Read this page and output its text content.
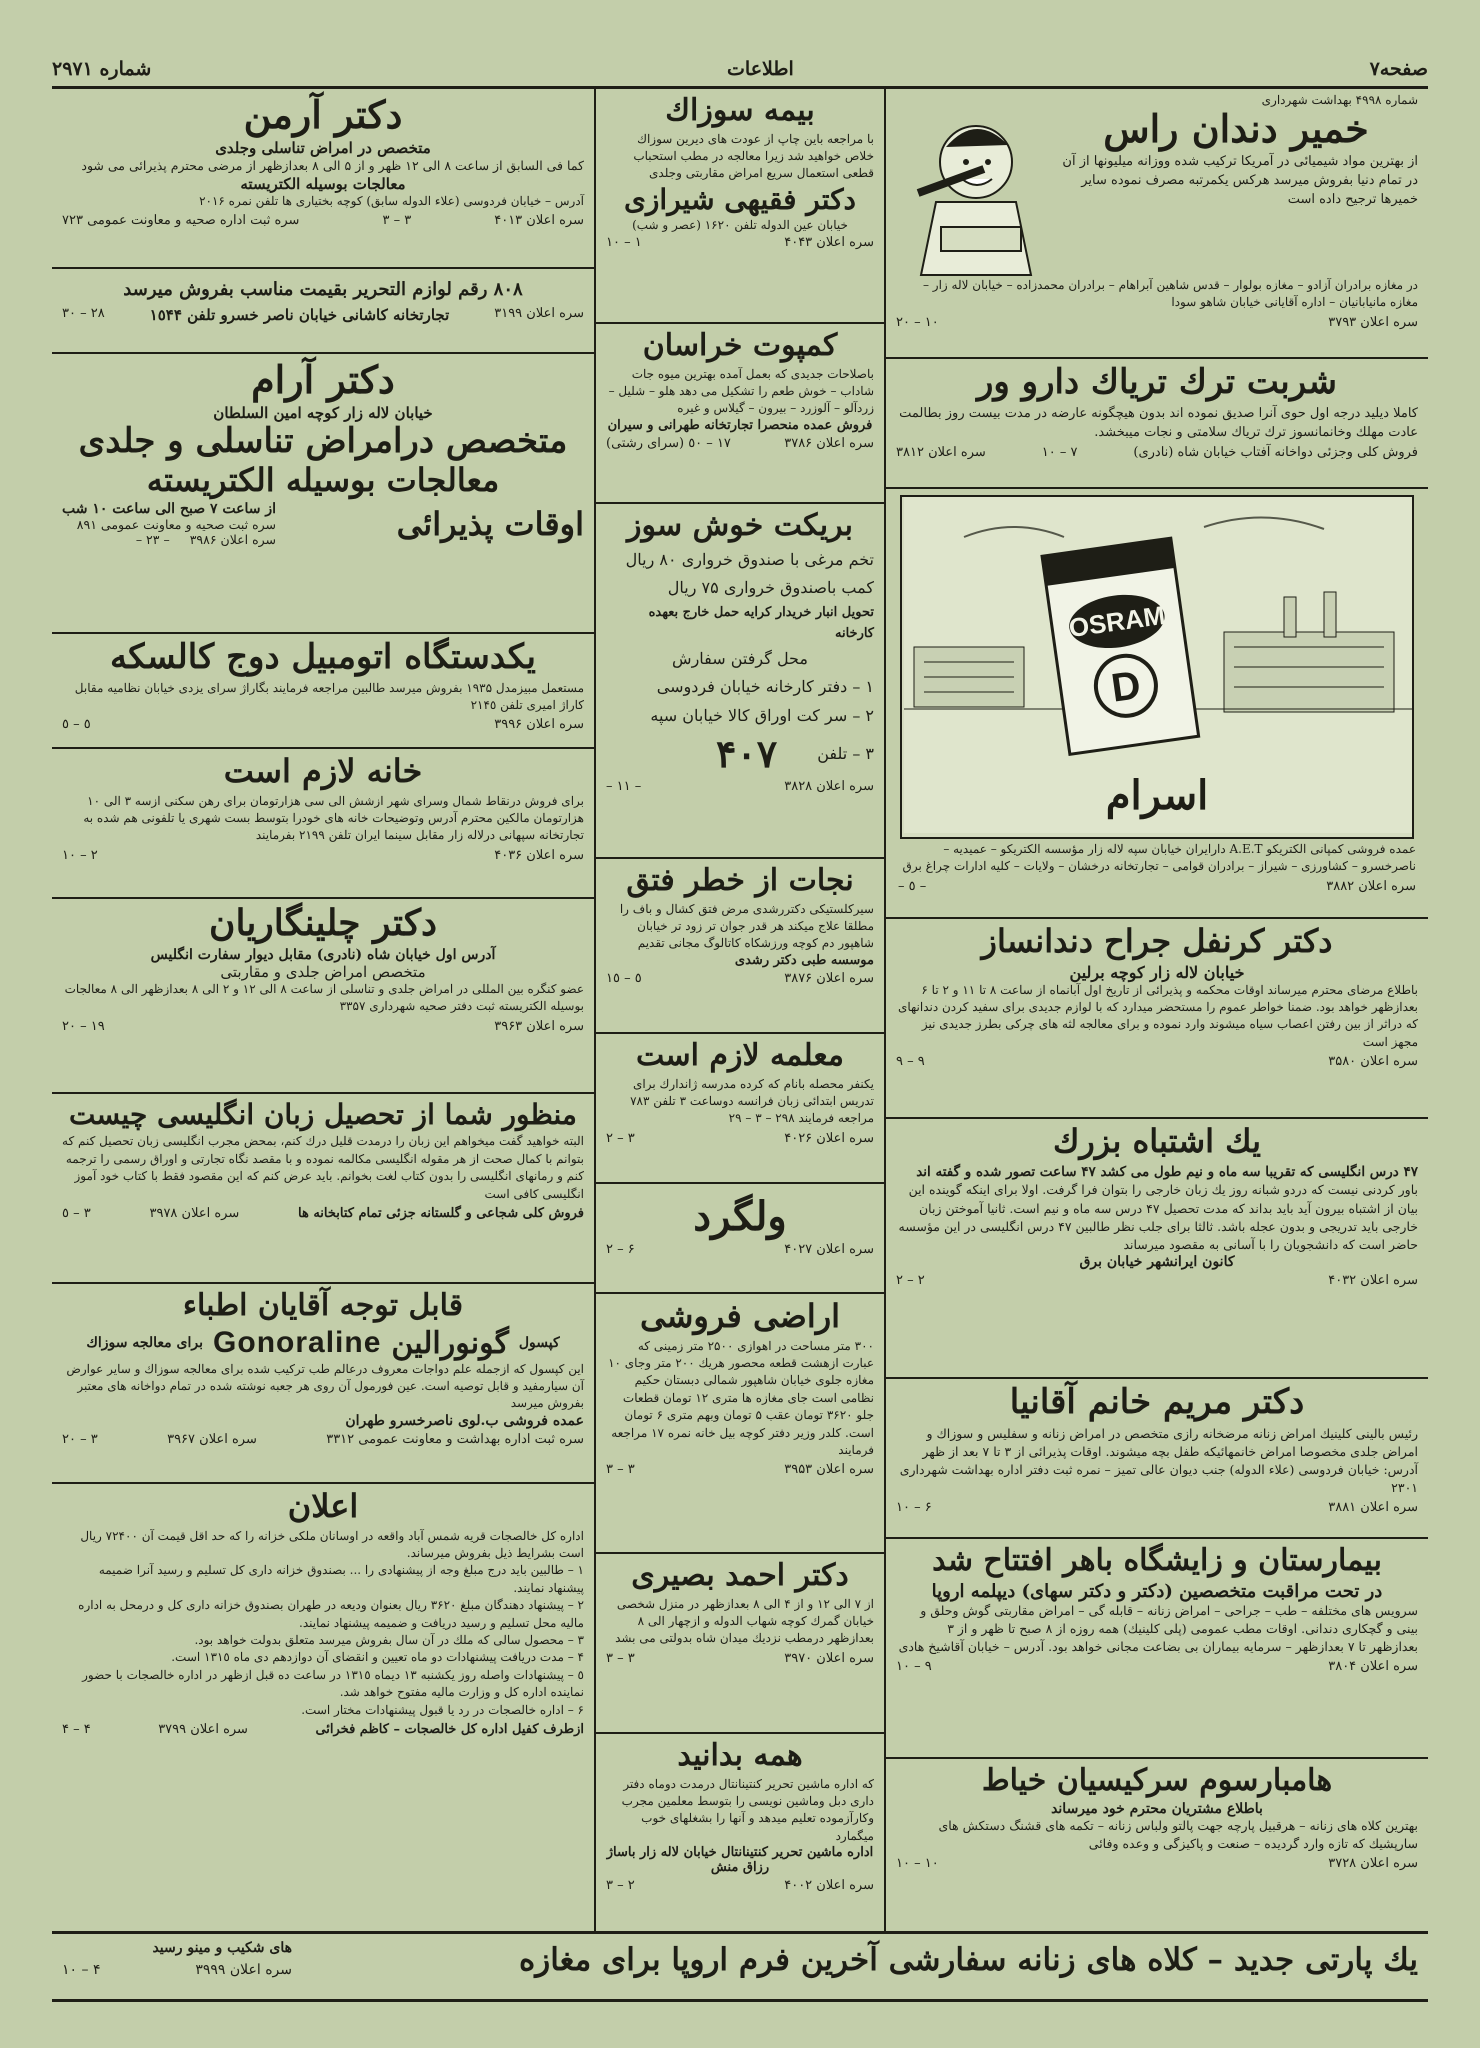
صفحه۷
اطلاعات
شماره ۲۹۷۱
شماره ۴۹۹۸ بهداشت شهرداری
خمیر دندان راس

از بهترین مواد شیمیائی در آمریکا ترکیب شده ووزانه میلیونها از آن در تمام دنیا بفروش میرسد هرکس یکمرتبه مصرف نموده سایر خمیرها ترجیح داده است

در مغازه برادران آزادو – مغازه بولوار – قدس شاهین آبراهام – برادران محمدزاده – خیابان لاله زار – مغازه مانیابانیان – اداره آقایانی خیابان شاهو سودا

سره اعلان ۳۷۹۳
۱۰ – ۲۰
شربت ترك تریاك دارو ور

کاملا دیلید درجه اول حوی آنرا صدیق نموده اند بدون هیچگونه عارضه در مدت بیست روز بطالمت عادت مهلك وخانمانسوز ترك تریاك سلامتی و نجات میبخشد.

فروش کلی وجزئی دواخانه آفتاب خیابان شاه (نادری)
۷ – ۱۰
سره اعلان ۳۸۱۲
OSRAM
D
اسرام

عمده فروشی کمپانی الکتریکو A.E.T دارایران خیابان سپه لاله زار مؤسسه الکتریکو – عمیدیه – ناصرخسرو – کشاورزی – شیراز – برادران قوامی – تجارتخانه درخشان – ولایات – کلیه ادارات چراغ برق

سره اعلان ۳۸۸۲
– ٥ –
دکتر کرنفل جراح دندانساز
خیابان لاله زار کوچه برلین

باطلاع مرضای محترم میرساند اوقات محکمه و پذیرائی از تاریخ اول آبانماه از ساعت ۸ تا ۱۱ و ۲ تا ۶ بعدازظهر خواهد بود. ضمنا خواطر عموم را مستحضر میدارد که با لوازم جدیدی برای سفید کردن دندانهای که دراثر از بین رفتن اعصاب سیاه میشوند وارد نموده و برای معالجه لثه های چرکی بطرز جدیدی نیز مجهز است

سره اعلان ۳۵۸۰
۹ – ۹
یك اشتباه بزرك
۴۷ درس انگلیسی که تقریبا سه ماه و نیم طول می کشد ۴۷ ساعت تصور شده و گفته اند

باور کردنی نیست که دردو شبانه روز یك زبان خارجی را بتوان فرا گرفت. اولا برای اینکه گوینده این بیان از اشتباه بیرون آید باید بداند که مدت تحصیل ۴۷ درس سه ماه و نیم است. ثانیا آموختن زبان خارجی باید تدریجی و بدون عجله باشد. ثالثا برای جلب نظر طالبین ۴۷ درس انگلیسی در این مؤسسه حاضر است که دانشجویان را با آسانی به مقصود میرساند

کانون ایرانشهر خیابان برق
سره اعلان ۴۰۳۲
۲ – ۲
دکتر مریم خانم آقانیا

رئیس بالینی کلینیك امراض زنانه مرضخانه رازی متخصص در امراض زنانه و سفلیس و سوزاك و امراض جلدی مخصوصا امراض خانمهائیکه طفل بچه میشوند. اوقات پذیرائی از ۳ تا ۷ بعد از ظهر آدرس: خیابان فردوسی (علاء الدوله) جنب دیوان عالی تمیز – نمره ثبت دفتر اداره بهداشت شهرداری ۲۳۰۱

سره اعلان ۳۸۸۱
۶ – ۱۰
بیمارستان و زایشگاه باهر افتتاح شد
در تحت مراقبت متخصصین (دکتر و دکتر سهای) دیپلمه اروپا

سرویس های مختلفه – طب – جراحی – امراض زنانه – قابله گی – امراض مقاربتی گوش وحلق و بینی و گچکاری دندانی. اوقات مطب عمومی (پلی کلینیك) همه روزه از ۸ صبح تا ظهر و از ۳ بعدازظهر تا ۷ بعدازظهر – سرمایه بیماران بی بضاعت مجانی خواهد بود. آدرس – خیابان آقاشیخ هادی

سره اعلان ۳۸۰۴
۹ – ۱۰
هامبارسوم سرکیسیان خیاط
باطلاع مشتریان محترم خود میرساند

بهترین کلاه های زنانه – هرقبیل پارچه جهت پالتو ولباس زنانه – تکمه های قشنگ دستکش های سارپشیك که تازه وارد گردیده – صنعت و پاکیزگی و وعده وفائی

سره اعلان ۳۷۲۸
۱۰ – ۱۰
بیمه سوزاك

با مراجعه باین چاپ از عودت های دیرین سوزاك خلاص خواهید شد زیرا معالجه در مطب استحباب قطعی استعمال سریع امراض مقاربتی وجلدی

دکتر فقیهی شیرازی
خیابان عین الدوله تلفن ۱۶۲۰ (عصر و شب)
سره اعلان ۴۰۴۳
۱ – ۱۰
کمپوت خراسان

باصلاحات جدیدی که بعمل آمده بهترین میوه جات شاداب – خوش طعم را تشکیل می دهد هلو – شلیل – زردآلو – آلوزرد – بیرون – گیلاس و غیره

فروش عمده منحصرا تجارتخانه طهرانی و سیران
سره اعلان ۳۷۸۶
۱۷ – ٥٠ (سرای رشتی)
بریکت خوش سوز

تخم مرغی با صندوق خرواری ۸۰ ریال

کمب باصندوق خرواری ۷۵ ریال

تحویل انبار خریدار کرایه حمل خارج بعهده کارخانه

محل گرفتن سفارش

۱ – دفتر کارخانه خیابان فردوسی

۲ – سر کت اوراق کالا خیابان سپه

۳ – تلفن
۴۰۷
سره اعلان ۳۸۲۸
– ۱۱ –
نجات از خطر فتق

سیرکلستیکی دکتررشدی مرض فتق کشال و باف را مطلقا علاج میکند هر قدر جوان تر زود تر خیابان شاهپور دم کوچه ورزشکاه کاتالوگ مجانی تقدیم

موسسه طبی دکتر رشدی
سره اعلان ۳۸۷۶
٥ – ۱٥
معلمه لازم است

یکنفر محصله بانام که کرده مدرسه ژاندارك برای تدریس ابتدائی زبان فرانسه دوساعت ۳ تلفن ۷۸۳ مراجعه فرمایند ۲۹۸ – ۳ – ۲۹

سره اعلان ۴۰۲۶
۳ – ۲
ولگرد
سره اعلان ۴۰۲۷
۶ – ۲
اراضی فروشی

۳۰۰ متر مساحت در اهوازی ۲۵۰۰ متر زمینی که عبارت ازهشت قطعه محصور هریك ۲۰۰ متر وجای ۱۰ مغازه جلوی خیابان شاهپور شمالی دبستان حکیم نظامی است جای مغازه ها متری ۱۲ تومان قطعات جلو ۳۶۲۰ تومان عقب ۵ تومان وبهم متری ۶ تومان است. کلدر وزیر دفتر کوچه بیل خانه نمره ۱۷ مراجعه فرمایند

سره اعلان ۳۹۵۳
۳ – ۳
دکتر احمد بصیری

از ۷ الی ۱۲ و از ۴ الی ۸ بعدازظهر در منزل شخصی خیابان گمرك کوچه شهاب الدوله و ازچهار الی ۸ بعدازظهر درمطب نزدیك میدان شاه بدولتی می بشد

سره اعلان ۳۹۷۰
۳ – ۳
همه بدانید

که اداره ماشین تحریر کنتینانتال درمدت دوماه دفتر داری دبل وماشین نویسی را بتوسط معلمین مجرب وکارآزموده تعلیم میدهد و آنها را بشغلهای خوب میگمارد

اداره ماشین تحریر کنتینانتال خیابان لاله زار باساژ رزاق منش
سره اعلان ۴۰۰۲
۲ – ۳
دکتر آرمن
متخصص در امراض تناسلی وجلدی

کما فی السابق از ساعت ۸ الی ۱۲ ظهر و از ۵ الی ۸ بعدازظهر از مرضی محترم پذیرائی می شود

معالجات بوسیله الکتریسته

آدرس – خیابان فردوسی (علاء الدوله سابق) کوچه بختیاری ها تلفن نمره ۲۰۱۶

سره اعلان ۴۰۱۳
۳ – ۳
سره ثبت اداره صحیه و معاونت عمومی ۷۲۳
۸۰۸ رقم لوازم التحریر بقیمت مناسب بفروش میرسد
سره اعلان ۳۱۹۹
تجارتخانه کاشانی خیابان ناصر خسرو تلفن ۱٥۴۴
۲۸ – ۳۰
دکتر آرام
خیابان لاله زار کوچه امین السلطان
متخصص درامراض تناسلی و جلدی
معالجات بوسیله الکتریسته
اوقات پذیرائی
از ساعت ۷ صبح الی ساعت ۱۰ شب
سره ثبت صحیه و معاونت عمومی ۸۹۱
سره اعلان ۳۹۸۶
– ۲۳ –
یکدستگاه اتومبیل دوج کالسکه

مستعمل مبیزمدل ۱۹۳۵ بفروش میرسد طالبین مراجعه فرمایند بگاراژ سرای یزدی خیابان نظامیه مقابل کاراژ امیری تلفن ۲۱۴٥

سره اعلان ۳۹۹۶
٥ – ٥
خانه لازم است

برای فروش درنقاط شمال وسرای شهر ازشش الی سی هزارتومان برای رهن سکنی ازسه ۳ الی ۱۰ هزارتومان مالکین محترم آدرس وتوضیحات خانه های خودرا بتوسط بست شهری یا تلفونی هم شده به تجارتخانه سپهانی درلاله زار مقابل سینما ایران تلفن ۲۱۹۹ بفرمایند

سره اعلان ۴۰۳۶
۲ – ۱۰
دکتر چلینگاریان
آدرس اول خیابان شاه (نادری) مقابل دیوار سفارت انگلیس
متخصص امراض جلدی و مقاربتی

عضو کنگره بین المللی در امراض جلدی و تناسلی از ساعت ۸ الی ۱۲ و ۲ الی ۸ بعدازظهر الی ۸ معالجات بوسیله الکتریسته ثبت دفتر صحیه شهرداری ۳۳۵۷

سره اعلان ۳۹۶۳
۱۹ – ۲۰
منظور شما از تحصیل زبان انگلیسی چیست

البته خواهید گفت میخواهم این زبان را درمدت قلیل درك کنم، بمحض مجرب انگلیسی زبان تحصیل کنم که بتوانم با کمال صحت از هر مقوله انگلیسی مکالمه نموده و با مقصد نگاه تجارتی و اوراق رسمی را ترجمه کنم و رمانهای انگلیسی را بدون کتاب لغت بخوانم. باید عرض کنم که این مقصود فقط با کتاب خود آموز انگلیسی کافی است

فروش کلی شجاعی و گلستانه جزئی تمام کتابخانه ها
سره اعلان ۳۹۷۸
۳ – ٥
قابل توجه آقایان اطباء
کپسول
گونورالین
Gonoraline
برای معالجه سوزاك

این کپسول که ازجمله علم دواجات معروف درعالم طب ترکیب شده برای معالجه سوزاك و سایر عوارض آن سیارمفید و قابل توصیه است. عین فورمول آن روی هر جعبه نوشته شده در تمام دواخانه های معتبر بفروش میرسد

عمده فروشی ب.لوی ناصرخسرو طهران
سره ثبت اداره بهداشت و معاونت عمومی ۳۳۱۲
سره اعلان ۳۹۶۷
۳ – ۲۰
اعلان

اداره کل خالصجات قریه شمس آباد واقعه در اوسانان ملکی خزانه را که حد اقل قیمت آن ۷۲۴۰۰ ریال است بشرایط ذیل بفروش میرساند.

۱ – طالبین باید درج مبلغ وجه از پیشنهادی را ... بصندوق خزانه داری کل تسلیم و رسید آنرا ضمیمه پیشنهاد نمایند.

۲ – پیشنهاد دهندگان مبلغ ۳۶۲۰ ریال بعنوان ودیعه در طهران بصندوق خزانه داری کل و درمحل به اداره مالیه محل تسلیم و رسید دریافت و ضمیمه پیشنهاد نمایند.

۳ – محصول سالی که ملك در آن سال بفروش میرسد متعلق بدولت خواهد بود.

۴ – مدت دریافت پیشنهادات دو ماه تعیین و انقضای آن دوازدهم دی ماه ۱۳۱٥ است.

٥ – پیشنهادات واصله روز یکشنبه ۱۳ دیماه ۱۳۱٥ در ساعت ده قبل ازظهر در اداره خالصجات با حضور نماینده اداره کل و وزارت مالیه مفتوح خواهد شد.

۶ – اداره خالصجات در رد یا قبول پیشنهادات مختار است.

ازطرف کفیل اداره کل خالصجات – کاظم فخرائی
سره اعلان ۳۷۹۹
۴ – ۴
یك پارتی جدید – کلاه های زنانه سفارشی آخرین فرم اروپا برای مغازه
های شکیب و مینو رسید
سره اعلان ۳۹۹۹
۴ – ۱۰
